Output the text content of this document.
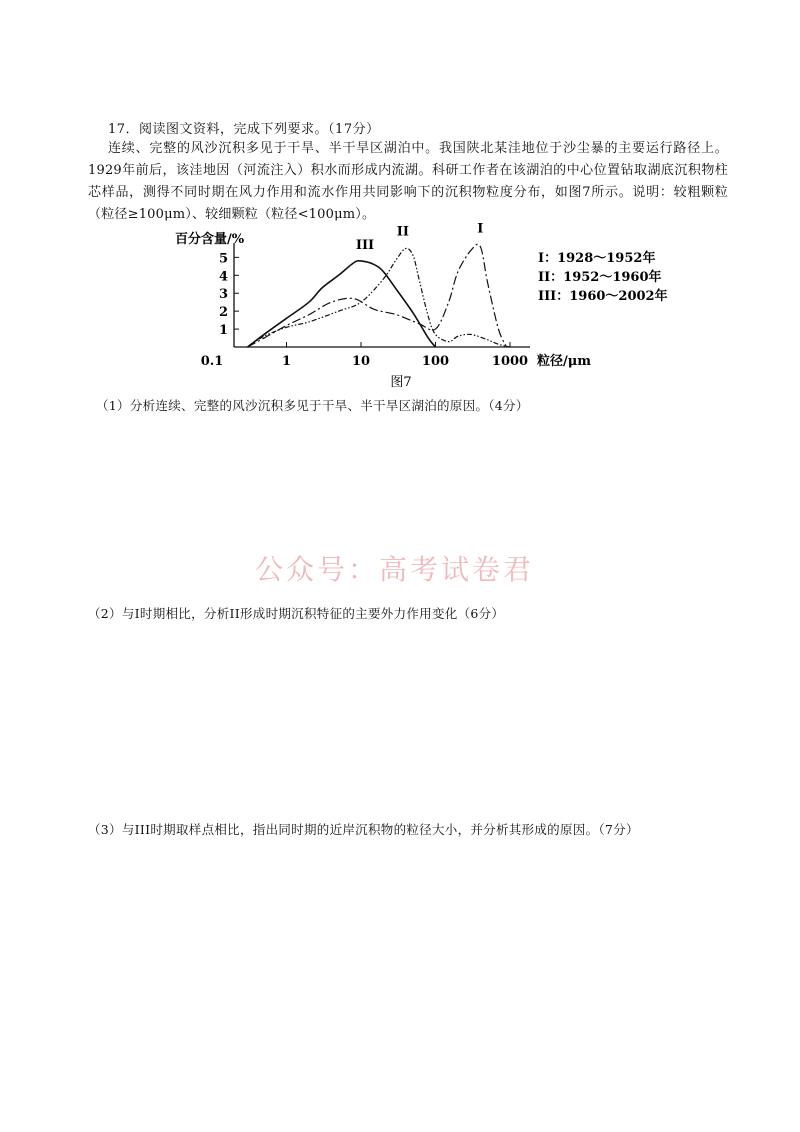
17．阅读图文资料，完成下列要求。（17分）
连续、完整的风沙沉积多见于干旱、半干旱区湖泊中。我国陕北某洼地位于沙尘暴的主要运行路径上。1929年前后，该洼地因（河流注入）积水而形成内流湖。科研工作者在该湖泊的中心位置钻取湖底沉积物柱芯样品，测得不同时期在风力作用和流水作用共同影响下的沉积物粒度分布，如图7所示。说明：较粗颗粒（粒径≥100μm）、较细颗粒（粒径<100μm）。
1
2
3
4
5
0.1	1	10	100	1000
百分含量/%
粒径/μm
图7
III
II	I
I：1928～1952年
II：1952～1960年
III：1960～2002年
（1）分析连续、完整的风沙沉积多见于干旱、半干旱区湖泊的原因。（4分）
公众号：高考试卷君
（2）与I时期相比，分析II形成时期沉积特征的主要外力作用变化（6分）
（3）与III时期取样点相比，指出同时期的近岸沉积物的粒径大小，并分析其形成的原因。（7分）
